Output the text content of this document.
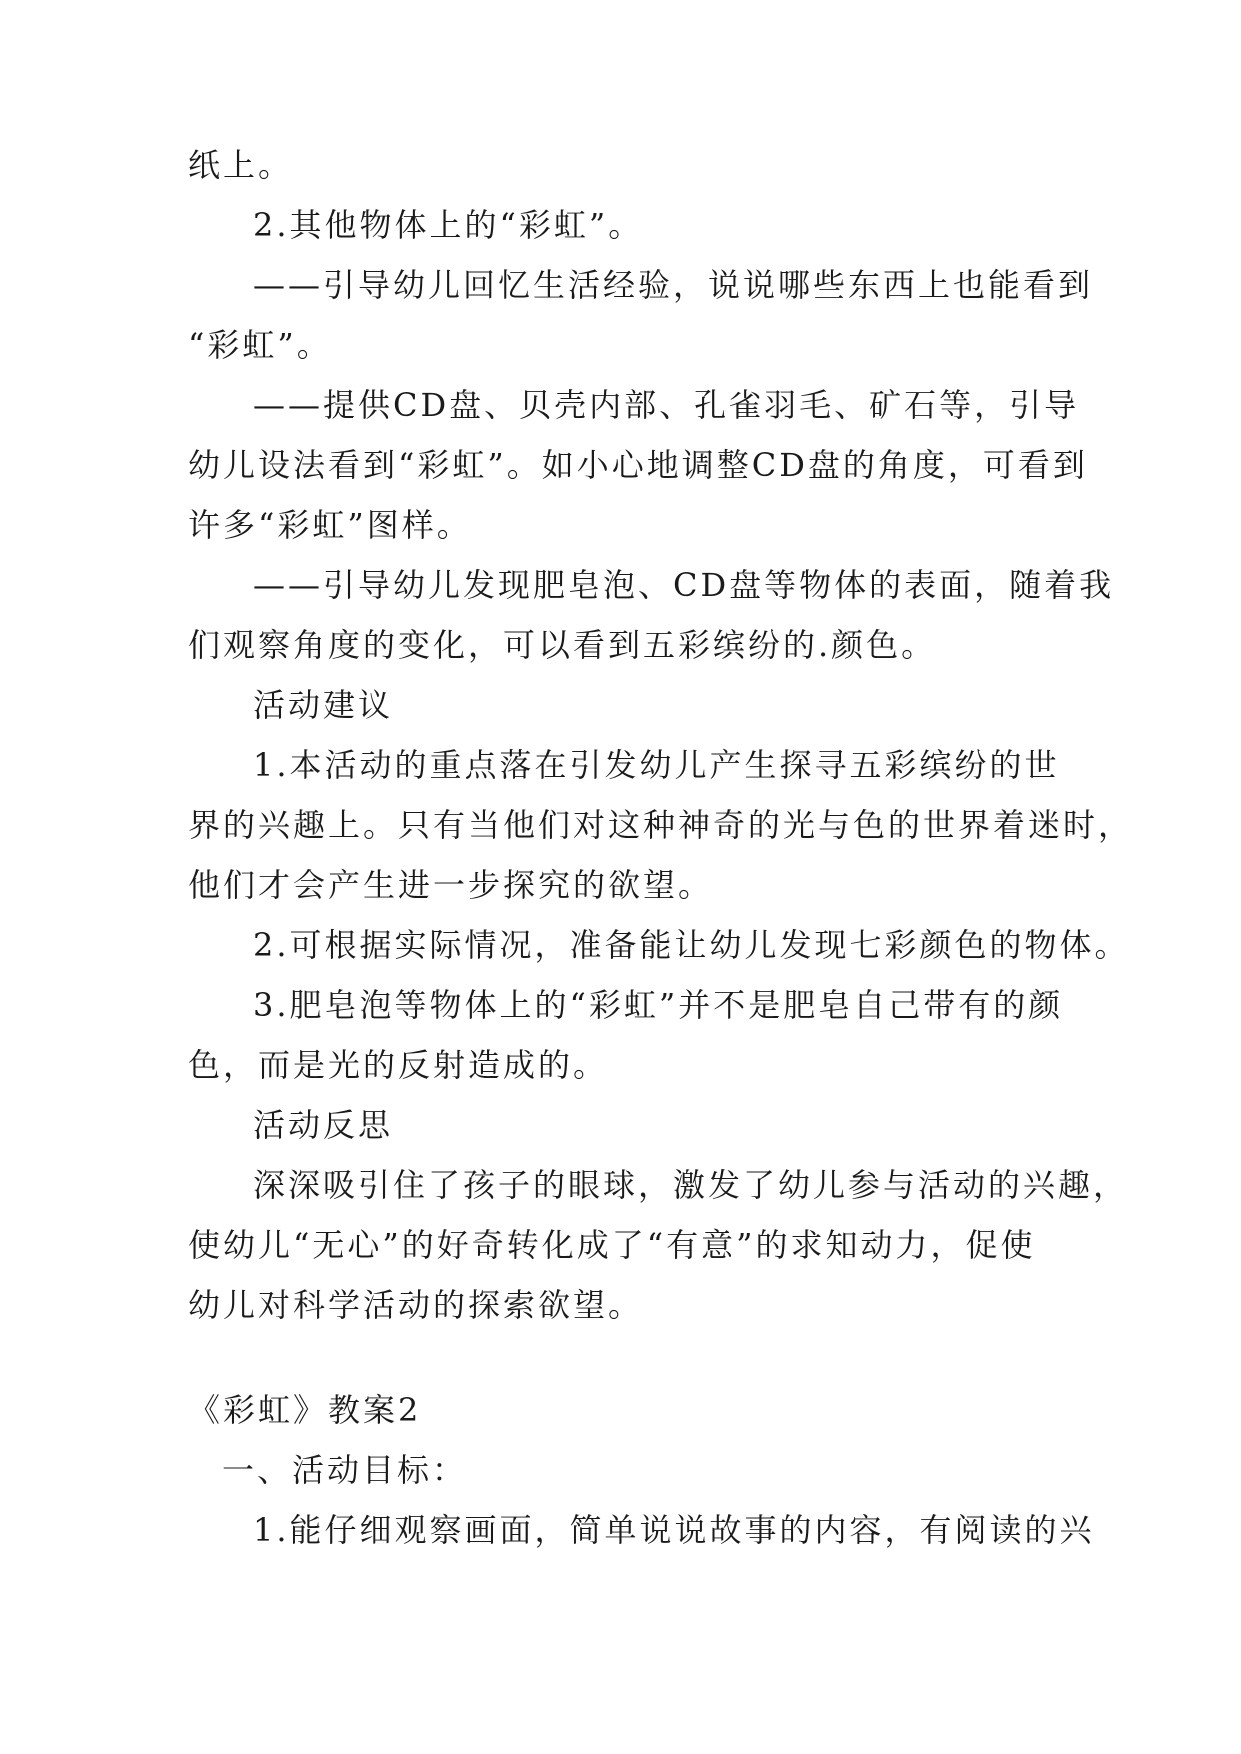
纸上。
2.其他物体上的“彩虹”。
——引导幼儿回忆生活经验，说说哪些东西上也能看到
“彩虹”。
——提供CD盘、贝壳内部、孔雀羽毛、矿石等，引导
幼儿设法看到“彩虹”。如小心地调整CD盘的角度，可看到
许多“彩虹”图样。
——引导幼儿发现肥皂泡、CD盘等物体的表面，随着我
们观察角度的变化，可以看到五彩缤纷的.颜色。
活动建议
1.本活动的重点落在引发幼儿产生探寻五彩缤纷的世
界的兴趣上。只有当他们对这种神奇的光与色的世界着迷时，
他们才会产生进一步探究的欲望。
2.可根据实际情况，准备能让幼儿发现七彩颜色的物体。
3.肥皂泡等物体上的“彩虹”并不是肥皂自己带有的颜
色，而是光的反射造成的。
活动反思
深深吸引住了孩子的眼球，激发了幼儿参与活动的兴趣，
使幼儿“无心”的好奇转化成了“有意”的求知动力，促使
幼儿对科学活动的探索欲望。
《彩虹》教案2
一、活动目标：
1.能仔细观察画面，简单说说故事的内容，有阅读的兴
